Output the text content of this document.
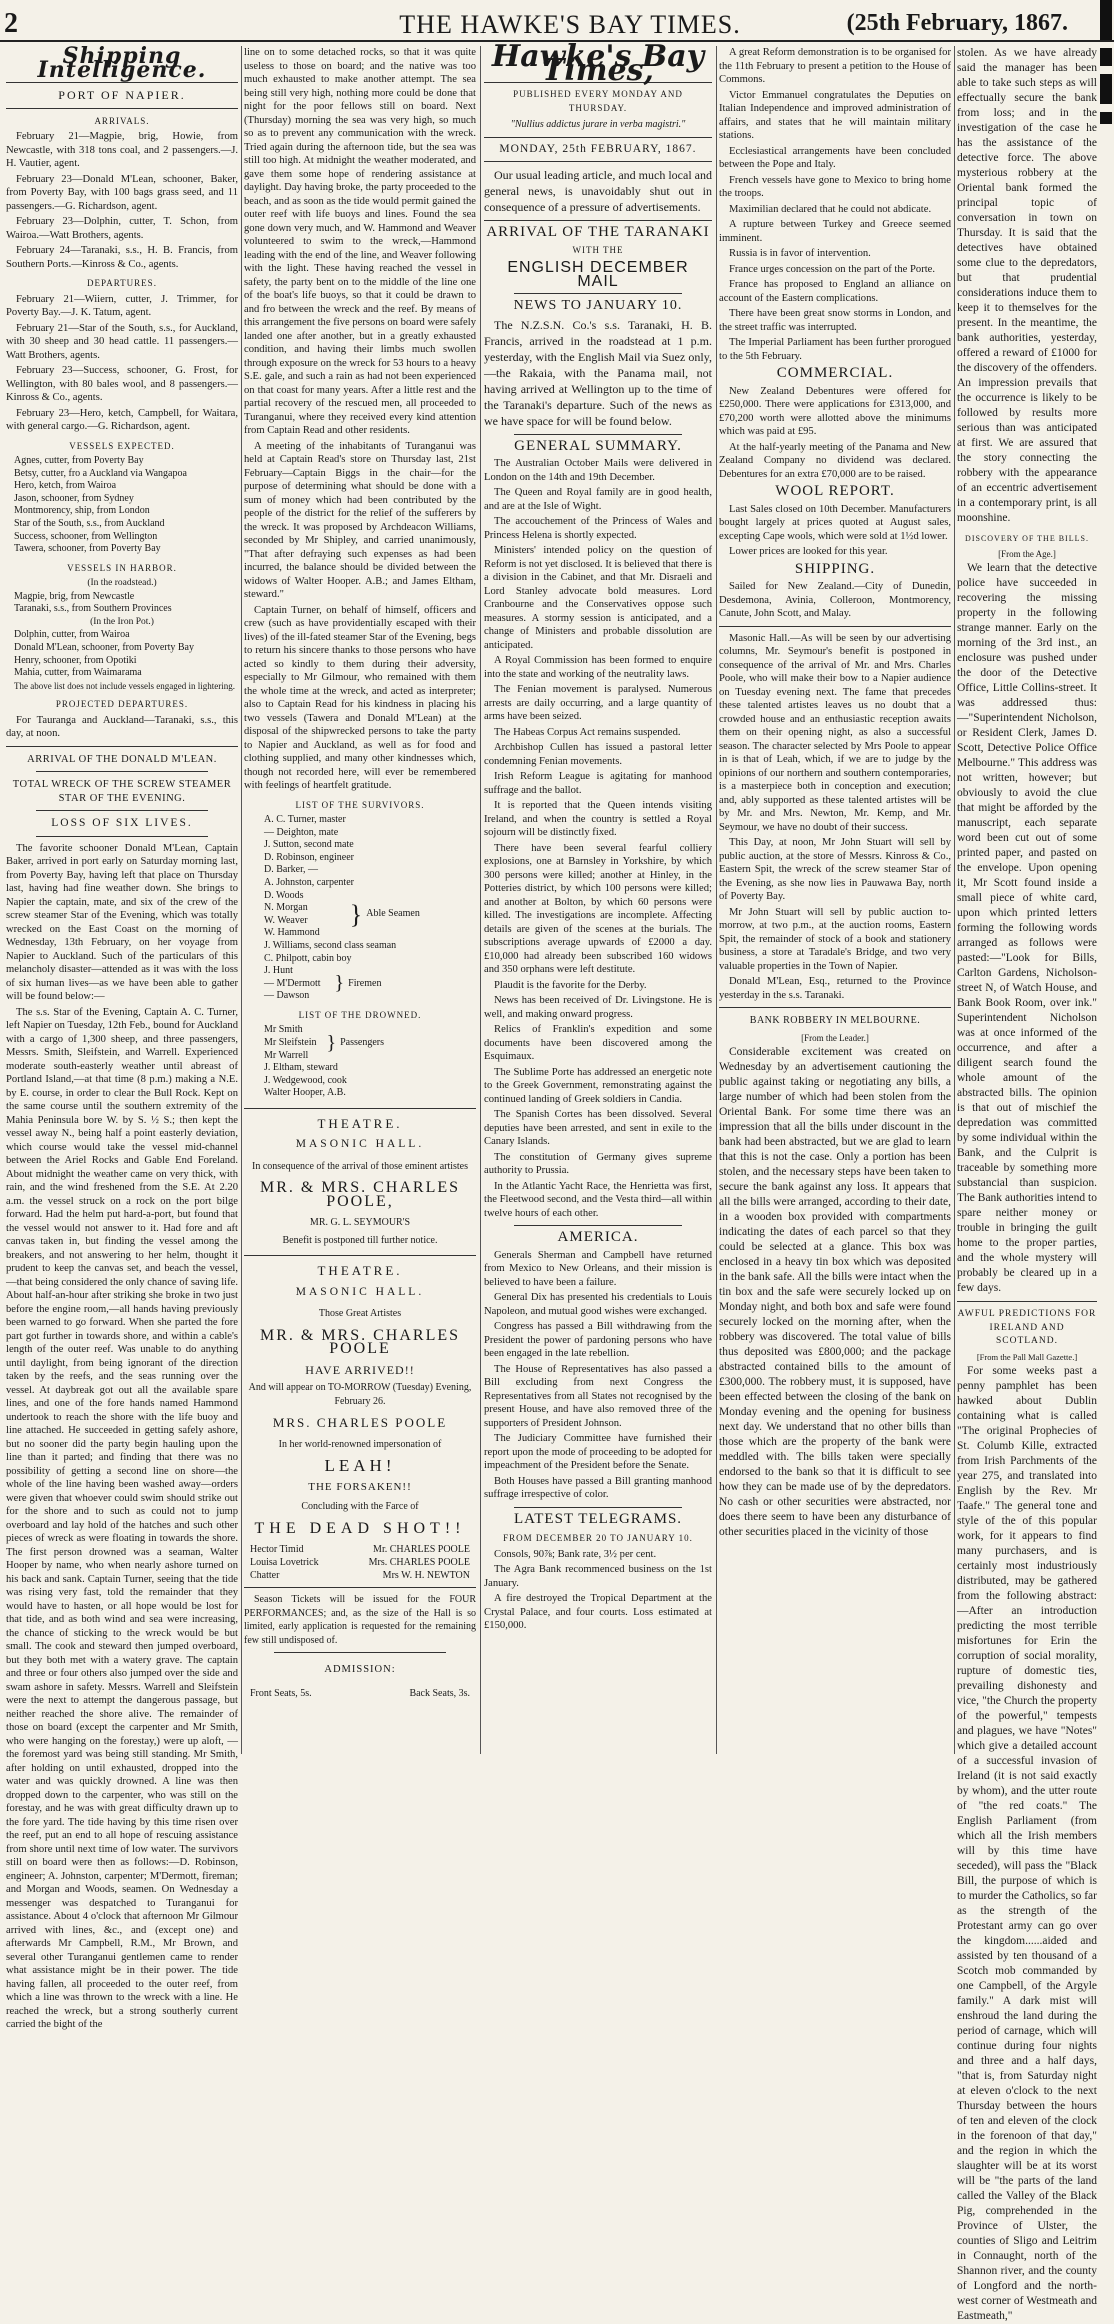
2	THE HAWKE'S BAY TIMES.	(25th February, 1867.
Shipping Intelligence.
PORT OF NAPIER.
ARRIVALS.

February 21—Magpie, brig, Howie, from Newcastle, with 318 tons coal, and 2 passengers.—J. H. Vautier, agent.

February 23—Donald M'Lean, schooner, Baker, from Poverty Bay, with 100 bags grass seed, and 11 passengers.—G. Richardson, agent.

February 23—Dolphin, cutter, T. Schon, from Wairoa.—Watt Brothers, agents.

February 24—Taranaki, s.s., H. B. Francis, from Southern Ports.—Kinross & Co., agents.

DEPARTURES.

February 21—Wiiern, cutter, J. Trimmer, for Poverty Bay.—J. K. Tatum, agent.

February 21—Star of the South, s.s., for Auckland, with 30 sheep and 30 head cattle. 11 passengers.—Watt Brothers, agents.

February 23—Success, schooner, G. Frost, for Wellington, with 80 bales wool, and 8 passengers.—Kinross & Co., agents.

February 23—Hero, ketch, Campbell, for Waitara, with general cargo.—G. Richardson, agent.

VESSELS EXPECTED.
Agnes, cutter, from Poverty Bay
Betsy, cutter, fro a Auckland via Wangapoa
Hero, ketch, from Wairoa
Jason, schooner, from Sydney
Montmorency, ship, from London
Star of the South, s.s., from Auckland
Success, schooner, from Wellington
Tawera, schooner, from Poverty Bay
VESSELS IN HARBOR.
(In the roadstead.)
Magpie, brig, from Newcastle
Taranaki, s.s., from Southern Provinces
(In the Iron Pot.)
Dolphin, cutter, from Wairoa
Donald M'Lean, schooner, from Poverty Bay
Henry, schooner, from Opotiki
Mahia, cutter, from Waimarama
The above list does not include vessels engaged in lightering.
PROJECTED DEPARTURES.

For Tauranga and Auckland—Taranaki, s.s., this day, at noon.

ARRIVAL OF THE DONALD M'LEAN.
TOTAL WRECK OF THE SCREW STEAMER STAR OF THE EVENING.
LOSS OF SIX LIVES.

The favorite schooner Donald M'Lean, Captain Baker, arrived in port early on Saturday morning last, from Poverty Bay, having left that place on Thursday last, having had fine weather down. She brings to Napier the captain, mate, and six of the crew of the screw steamer Star of the Evening, which was totally wrecked on the East Coast on the morning of Wednesday, 13th February, on her voyage from Napier to Auckland. Such of the particulars of this melancholy disaster—attended as it was with the loss of six human lives—as we have been able to gather will be found below:—

The s.s. Star of the Evening, Captain A. C. Turner, left Napier on Tuesday, 12th Feb., bound for Auckland with a cargo of 1,300 sheep, and three passengers, Messrs. Smith, Sleifstein, and Warrell. Experienced moderate south-easterly weather until abreast of Portland Island,—at that time (8 p.m.) making a N.E. by E. course, in order to clear the Bull Rock. Kept on the same course until the southern extremity of the Mahia Peninsula bore W. by S. ½ S.; then kept the vessel away N., being half a point easterly deviation, which course would take the vessel mid-channel between the Ariel Rocks and Gable End Foreland. About midnight the weather came on very thick, with rain, and the wind freshened from the S.E. At 2.20 a.m. the vessel struck on a rock on the port bilge forward. Had the helm put hard-a-port, but found that the vessel would not answer to it. Had fore and aft canvas taken in, but finding the vessel among the breakers, and not answering to her helm, thought it prudent to keep the canvas set, and beach the vessel,—that being considered the only chance of saving life. About half-an-hour after striking she broke in two just before the engine room,—all hands having previously been warned to go forward. When she parted the fore part got further in towards shore, and within a cable's length of the outer reef. Was unable to do anything until daylight, from being ignorant of the direction taken by the reefs, and the seas running over the vessel. At daybreak got out all the available spare lines, and one of the fore hands named Hammond undertook to reach the shore with the life buoy and line attached. He succeeded in getting safely ashore, but no sooner did the party begin hauling upon the line than it parted; and finding that there was no possibility of getting a second line on shore—the whole of the line having been washed away—orders were given that whoever could swim should strike out for the shore and to such as could not to jump overboard and lay hold of the hatches and such other pieces of wreck as were floating in towards the shore. The first person drowned was a seaman, Walter Hooper by name, who when nearly ashore turned on his back and sank. Captain Turner, seeing that the tide was rising very fast, told the remainder that they would have to hasten, or all hope would be lost for that tide, and as both wind and sea were increasing, the chance of sticking to the wreck would be but small. The cook and steward then jumped overboard, but they both met with a watery grave. The captain and three or four others also jumped over the side and swam ashore in safety. Messrs. Warrell and Sleifstein were the next to attempt the dangerous passage, but neither reached the shore alive. The remainder of those on board (except the carpenter and Mr Smith, who were hanging on the forestay,) were up aloft, —the foremost yard was being still standing. Mr Smith, after holding on until exhausted, dropped into the water and was quickly drowned. A line was then dropped down to the carpenter, who was still on the forestay, and he was with great difficulty drawn up to the fore yard. The tide having by this time risen over the reef, put an end to all hope of rescuing assistance from shore until next time of low water. The survivors still on board were then as follows:—D. Robinson, engineer; A. Johnston, carpenter; M'Dermott, fireman; and Morgan and Woods, seamen. On Wednesday a messenger was despatched to Turanganui for assistance. About 4 o'clock that afternoon Mr Gilmour arrived with lines, &c., and (except one) and afterwards Mr Campbell, R.M., Mr Brown, and several other Turanganui gentlemen came to render what assistance might be in their power. The tide having fallen, all proceeded to the outer reef, from which a line was thrown to the wreck with a line. He reached the wreck, but a strong southerly current carried the bight of the

line on to some detached rocks, so that it was quite useless to those on board; and the native was too much exhausted to make another attempt. The sea being still very high, nothing more could be done that night for the poor fellows still on board. Next (Thursday) morning the sea was very high, so much so as to prevent any communication with the wreck. Tried again during the afternoon tide, but the sea was still too high. At midnight the weather moderated, and gave them some hope of rendering assistance at daylight. Day having broke, the party proceeded to the beach, and as soon as the tide would permit gained the outer reef with life buoys and lines. Found the sea gone down very much, and W. Hammond and Weaver volunteered to swim to the wreck,—Hammond leading with the end of the line, and Weaver following with the light. These having reached the vessel in safety, the party bent on to the middle of the line one of the boat's life buoys, so that it could be drawn to and fro between the wreck and the reef. By means of this arrangement the five persons on board were safely landed one after another, but in a greatly exhausted condition, and having their limbs much swollen through exposure on the wreck for 53 hours to a heavy S.E. gale, and such a rain as had not been experienced on that coast for many years. After a little rest and the partial recovery of the rescued men, all proceeded to Turanganui, where they received every kind attention from Captain Read and other residents.

A meeting of the inhabitants of Turanganui was held at Captain Read's store on Thursday last, 21st February—Captain Biggs in the chair—for the purpose of determining what should be done with a sum of money which had been contributed by the people of the district for the relief of the sufferers by the wreck. It was proposed by Archdeacon Williams, seconded by Mr Shipley, and carried unanimously, "That after defraying such expenses as had been incurred, the balance should be divided between the widows of Walter Hooper. A.B.; and James Eltham, steward."

Captain Turner, on behalf of himself, officers and crew (such as have providentially escaped with their lives) of the ill-fated steamer Star of the Evening, begs to return his sincere thanks to those persons who have acted so kindly to them during their adversity, especially to Mr Gilmour, who remained with them the whole time at the wreck, and acted as interpreter; also to Captain Read for his kindness in placing his two vessels (Tawera and Donald M'Lean) at the disposal of the shipwrecked persons to take the party to Napier and Auckland, as well as for food and clothing supplied, and many other kindnesses which, though not recorded here, will ever be remembered with feelings of heartfelt gratitude.

LIST OF THE SURVIVORS.
A. C. Turner, master
— Deighton, mate
J. Sutton, second mate
D. Robinson, engineer
D. Barker, —
A. Johnston, carpenter
D. Woods
N. Morgan
W. Weaver
W. Hammond
} Able Seamen
J. Williams, second class seaman
C. Philpott, cabin boy
J. Hunt
— M'Dermott
— Dawson
} Firemen
LIST OF THE DROWNED.
Mr Smith
Mr Sleifstein
Mr Warrell
} Passengers
J. Eltham, steward
J. Wedgewood, cook
Walter Hooper, A.B.
THEATRE.
MASONIC HALL.
In consequence of the arrival of those eminent artistes
MR. & MRS. CHARLES POOLE,
MR. G. L. SEYMOUR'S
Benefit is postponed till further notice.
THEATRE.
MASONIC HALL.
Those Great Artistes
MR. & MRS. CHARLES POOLE
HAVE ARRIVED!!
And will appear on TO-MORROW (Tuesday) Evening, February 26.
MRS. CHARLES POOLE
In her world-renowned impersonation of
LEAH!
THE FORSAKEN!!
Concluding with the Farce of
THE DEAD SHOT!!
Hector Timid	Mr. CHARLES POOLE
Louisa Lovetrick	Mrs. CHARLES POOLE
Chatter	Mrs W. H. NEWTON

Season Tickets will be issued for the FOUR PERFORMANCES; and, as the size of the Hall is so limited, early application is requested for the remaining few still undisposed of.

ADMISSION:
Front Seats, 5s.	Back Seats, 3s.
Hawke's Bay Times,
PUBLISHED EVERY MONDAY AND THURSDAY.
"Nullius addictus jurare in verba magistri."
MONDAY, 25th FEBRUARY, 1867.

Our usual leading article, and much local and general news, is unavoidably shut out in consequence of a pressure of advertisements.

ARRIVAL OF THE TARANAKI
WITH THE
ENGLISH DECEMBER MAIL
NEWS TO JANUARY 10.

The N.Z.S.N. Co.'s s.s. Taranaki, H. B. Francis, arrived in the roadstead at 1 p.m. yesterday, with the English Mail via Suez only,—the Rakaia, with the Panama mail, not having arrived at Wellington up to the time of the Taranaki's departure. Such of the news as we have space for will be found below.

GENERAL SUMMARY.

The Australian October Mails were delivered in London on the 14th and 19th December.

The Queen and Royal family are in good health, and are at the Isle of Wight.

The accouchement of the Princess of Wales and Princess Helena is shortly expected.

Ministers' intended policy on the question of Reform is not yet disclosed. It is believed that there is a division in the Cabinet, and that Mr. Disraeli and Lord Stanley advocate bold measures. Lord Cranbourne and the Conservatives oppose such measures. A stormy session is anticipated, and a change of Ministers and probable dissolution are anticipated.

A Royal Commission has been formed to enquire into the state and working of the neutrality laws.

The Fenian movement is paralysed. Numerous arrests are daily occurring, and a large quantity of arms have been seized.

The Habeas Corpus Act remains suspended.

Archbishop Cullen has issued a pastoral letter condemning Fenian movements.

Irish Reform League is agitating for manhood suffrage and the ballot.

It is reported that the Queen intends visiting Ireland, and when the country is settled a Royal sojourn will be distinctly fixed.

There have been several fearful colliery explosions, one at Barnsley in Yorkshire, by which 300 persons were killed; another at Hinley, in the Potteries district, by which 100 persons were killed; and another at Bolton, by which 60 persons were killed. The investigations are incomplete. Affecting details are given of the scenes at the burials. The subscriptions average upwards of £2000 a day. £10,000 had already been subscribed 160 widows and 350 orphans were left destitute.

Plaudit is the favorite for the Derby.

News has been received of Dr. Livingstone. He is well, and making onward progress.

Relics of Franklin's expedition and some documents have been discovered among the Esquimaux.

The Sublime Porte has addressed an energetic note to the Greek Government, remonstrating against the continued landing of Greek soldiers in Candia.

The Spanish Cortes has been dissolved. Several deputies have been arrested, and sent in exile to the Canary Islands.

The constitution of Germany gives supreme authority to Prussia.

In the Atlantic Yacht Race, the Henrietta was first, the Fleetwood second, and the Vesta third—all within twelve hours of each other.

AMERICA.

Generals Sherman and Campbell have returned from Mexico to New Orleans, and their mission is believed to have been a failure.

General Dix has presented his credentials to Louis Napoleon, and mutual good wishes were exchanged.

Congress has passed a Bill withdrawing from the President the power of pardoning persons who have been engaged in the late rebellion.

The House of Representatives has also passed a Bill excluding from next Congress the Representatives from all States not recognised by the present House, and have also removed three of the supporters of President Johnson.

The Judiciary Committee have furnished their report upon the mode of proceeding to be adopted for impeachment of the President before the Senate.

Both Houses have passed a Bill granting manhood suffrage irrespective of color.

LATEST TELEGRAMS.
FROM DECEMBER 20 TO JANUARY 10.

Consols, 90⅞; Bank rate, 3½ per cent.

The Agra Bank recommenced business on the 1st January.

A fire destroyed the Tropical Department at the Crystal Palace, and four courts. Loss estimated at £150,000.

A great Reform demonstration is to be organised for the 11th February to present a petition to the House of Commons.

Victor Emmanuel congratulates the Deputies on Italian Independence and improved administration of affairs, and states that he will maintain military stations.

Ecclesiastical arrangements have been concluded between the Pope and Italy.

French vessels have gone to Mexico to bring home the troops.

Maximilian declared that he could not abdicate.

A rupture between Turkey and Greece seemed imminent.

Russia is in favor of intervention.

France urges concession on the part of the Porte.

France has proposed to England an alliance on account of the Eastern complications.

There have been great snow storms in London, and the street traffic was interrupted.

The Imperial Parliament has been further prorogued to the 5th February.

COMMERCIAL.

New Zealand Debentures were offered for £250,000. There were applications for £313,000, and £70,200 worth were allotted above the minimums which was paid at £95.

At the half-yearly meeting of the Panama and New Zealand Company no dividend was declared. Debentures for an extra £70,000 are to be raised.

WOOL REPORT.

Last Sales closed on 10th December. Manufacturers bought largely at prices quoted at August sales, excepting Cape wools, which were sold at 1½d lower.

Lower prices are looked for this year.

SHIPPING.

Sailed for New Zealand.—City of Dunedin, Desdemona, Avinia, Colleroon, Montmorency, Canute, John Scott, and Malay.

Masonic Hall.—As will be seen by our advertising columns, Mr. Seymour's benefit is postponed in consequence of the arrival of Mr. and Mrs. Charles Poole, who will make their bow to a Napier audience on Tuesday evening next. The fame that precedes these talented artistes leaves us no doubt that a crowded house and an enthusiastic reception awaits them on their opening night, as also a successful season. The character selected by Mrs Poole to appear in is that of Leah, which, if we are to judge by the opinions of our northern and southern contemporaries, is a masterpiece both in conception and execution; and, ably supported as these talented artistes will be by Mr. and Mrs. Newton, Mr. Kemp, and Mr. Seymour, we have no doubt of their success.

This Day, at noon, Mr John Stuart will sell by public auction, at the store of Messrs. Kinross & Co., Eastern Spit, the wreck of the screw steamer Star of the Evening, as she now lies in Pauwawa Bay, north of Poverty Bay.

Mr John Stuart will sell by public auction to-morrow, at two p.m., at the auction rooms, Eastern Spit, the remainder of stock of a book and stationery business, a store at Taradale's Bridge, and two very valuable properties in the Town of Napier.

Donald M'Lean, Esq., returned to the Province yesterday in the s.s. Taranaki.

BANK ROBBERY IN MELBOURNE.
[From the Leader.]

Considerable excitement was created on Wednesday by an advertisement cautioning the public against taking or negotiating any bills, a large number of which had been stolen from the Oriental Bank. For some time there was an impression that all the bills under discount in the bank had been abstracted, but we are glad to learn that this is not the case. Only a portion has been stolen, and the necessary steps have been taken to secure the bank against any loss. It appears that all the bills were arranged, according to their date, in a wooden box provided with compartments indicating the dates of each parcel so that they could be selected at a glance. This box was enclosed in a heavy tin box which was deposited in the bank safe. All the bills were intact when the tin box and the safe were securely locked up on Monday night, and both box and safe were found securely locked on the morning after, when the robbery was discovered. The total value of bills thus deposited was £800,000; and the package abstracted contained bills to the amount of £300,000. The robbery must, it is supposed, have been effected between the closing of the bank on Monday evening and the opening for business next day. We understand that no other bills than those which are the property of the bank were meddled with. The bills taken were specially endorsed to the bank so that it is difficult to see how they can be made use of by the depredators. No cash or other securities were abstracted, nor does there seem to have been any disturbance of other securities placed in the vicinity of those

stolen. As we have already said the manager has been able to take such steps as will effectually secure the bank from loss; and in the investigation of the case he has the assistance of the detective force. The above mysterious robbery at the Oriental bank formed the principal topic of conversation in town on Thursday. It is said that the detectives have obtained some clue to the depredators, but that prudential considerations induce them to keep it to themselves for the present. In the meantime, the bank authorities, yesterday, offered a reward of £1000 for the discovery of the offenders. An impression prevails that the occurrence is likely to be followed by results more serious than was anticipated at first. We are assured that the story connecting the robbery with the appearance of an eccentric advertisement in a contemporary print, is all moonshine.

DISCOVERY OF THE BILLS.
[From the Age.]

We learn that the detective police have succeeded in recovering the missing property in the following strange manner. Early on the morning of the 3rd inst., an enclosure was pushed under the door of the Detective Office, Little Collins-street. It was addressed thus:—"Superintendent Nicholson, or Resident Clerk, James D. Scott, Detective Police Office Melbourne." This address was not written, however; but obviously to avoid the clue that might be afforded by the manuscript, each separate word been cut out of some printed paper, and pasted on the envelope. Upon opening it, Mr Scott found inside a small piece of white card, upon which printed letters forming the following words arranged as follows were pasted:—"Look for Bills, Carlton Gardens, Nicholson-street N, of Watch House, and Bank Book Room, over ink." Superintendent Nicholson was at once informed of the occurrence, and after a diligent search found the whole amount of the abstracted bills. The opinion is that out of mischief the depredation was committed by some individual within the Bank, and the Culprit is traceable by something more substancial than suspicion. The Bank authorities intend to spare neither money or trouble in bringing the guilt home to the proper parties, and the whole mystery will probably be cleared up in a few days.

AWFUL PREDICTIONS FOR IRELAND AND SCOTLAND.
[From the Pall Mall Gazette.]

For some weeks past a penny pamphlet has been hawked about Dublin containing what is called "The original Prophecies of St. Columb Kille, extracted from Irish Parchments of the year 275, and translated into English by the Rev. Mr Taafe." The general tone and style of the of this popular work, for it appears to find many purchasers, and is certainly most industriously distributed, may be gathered from the following abstract:—After an introduction predicting the most terrible misfortunes for Erin the corruption of social morality, rupture of domestic ties, prevailing dishonesty and vice, "the Church the property of the powerful," tempests and plagues, we have "Notes" which give a detailed account of a successful invasion of Ireland (it is not said exactly by whom), and the utter route of "the red coats." The English Parliament (from which all the Irish members will by this time have seceded), will pass the "Black Bill, the purpose of which is to murder the Catholics, so far as the strength of the Protestant army can go over the kingdom......aided and assisted by ten thousand of a Scotch mob commanded by one Campbell, of the Argyle family." A dark mist will enshroud the land during the period of carnage, which will continue during four nights and three and a half days, "that is, from Saturday night at eleven o'clock to the next Thursday between the hours of ten and eleven of the clock in the forenoon of that day," and the region in which the slaughter will be at its worst will be "the parts of the land called the Valley of the Black Pig, comprehended in the Province of Ulster, the counties of Sligo and Leitrim in Connaught, north of the Shannon river, and the county of Longford and the north-west corner of Westmeath and Eastmeath,"
